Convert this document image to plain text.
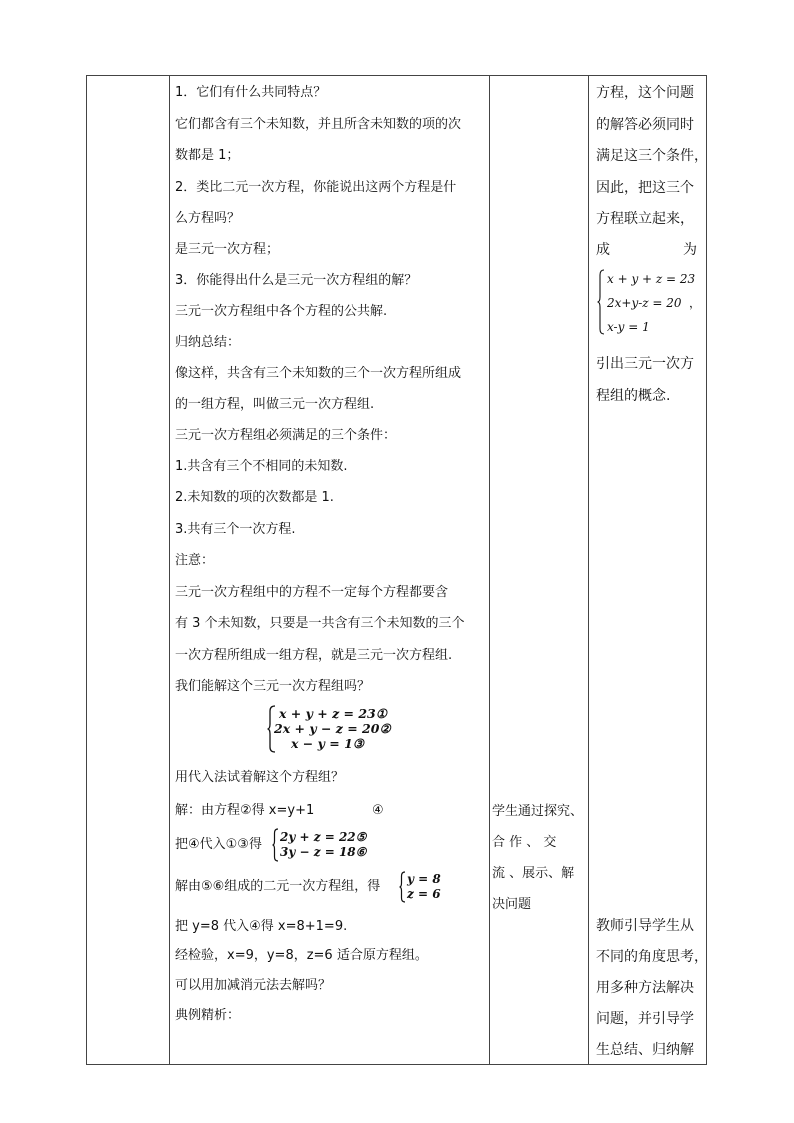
1．它们有什么共同特点？
它们都含有三个未知数，并且所含未知数的项的次
数都是 1；
2．类比二元一次方程，你能说出这两个方程是什
么方程吗？
是三元一次方程；
3．你能得出什么是三元一次方程组的解？
三元一次方程组中各个方程的公共解.
归纳总结：
像这样，共含有三个未知数的三个一次方程所组成
的一组方程，叫做三元一次方程组.
三元一次方程组必须满足的三个条件：
1.共含有三个不相同的未知数.
2.未知数的项的次数都是 1.
3.共有三个一次方程.
注意：
三元一次方程组中的方程不一定每个方程都要含
有 3 个未知数，只要是一共含有三个未知数的三个
一次方程所组成一组方程，就是三元一次方程组.
我们能解这个三元一次方程组吗？
x + y + z = 23①
2x + y − z = 20②
x − y = 1③
用代入法试着解这个方程组？
解：由方程②得 x=y+1	④
把④代入①③得 2y + z = 22⑤
3y − z = 18⑥
解由⑤⑥组成的二元一次方程组，得 y = 8
z = 6
把 y=8 代入④得 x=8+1=9.
经检验，x=9，y=8，z=6 适合原方程组。
可以用加减消元法去解吗？
典例精析：
学生通过探究、
合 作 、 交
流 、展示、解
决问题
方程，这个问题
的解答必须同时
满足这三个条件，
因此，把这三个
方程联立起来，
成	为
x + y + z = 23
2x+y-z = 20 ，
x-y = 1
引出三元一次方
程组的概念.
教师引导学生从
不同的角度思考，
用多种方法解决
问题，并引导学
生总结、归纳解
